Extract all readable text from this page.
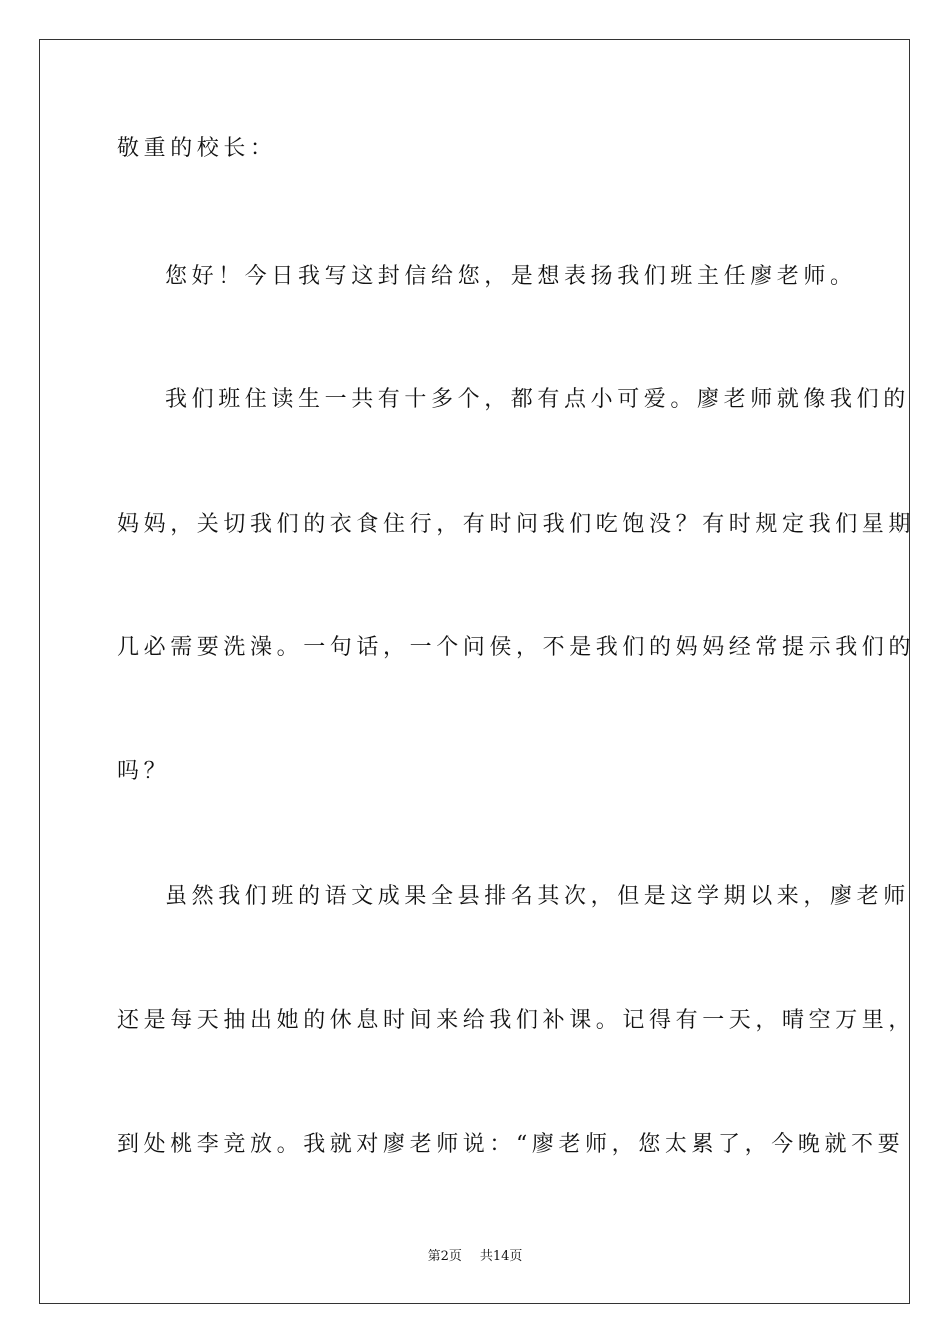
敬重的校长：
您好！今日我写这封信给您，是想表扬我们班主任廖老师。
我们班住读生一共有十多个，都有点小可爱。廖老师就像我们的
妈妈，关切我们的衣食住行，有时问我们吃饱没？有时规定我们星期
几必需要洗澡。一句话，一个问侯，不是我们的妈妈经常提示我们的
吗？
虽然我们班的语文成果全县排名其次，但是这学期以来，廖老师
还是每天抽出她的休息时间来给我们补课。记得有一天，晴空万里，
到处桃李竞放。我就对廖老师说：“廖老师，您太累了，今晚就不要
第2页 共14页
